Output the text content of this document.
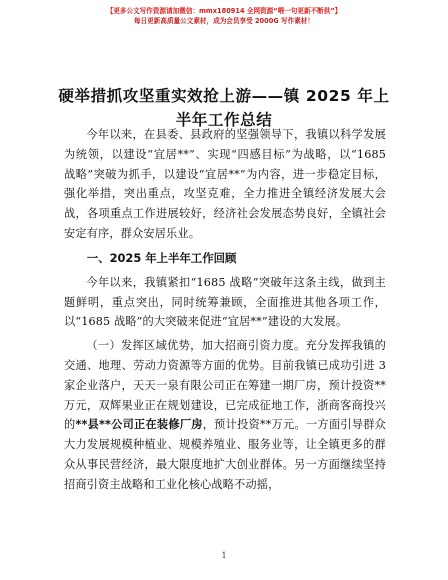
【更多公文写作资源请加微信：mmx180914 全网资源“喂一句更新不断供”】
每日更新高质量公文素材，成为会员享受 2000G 写作素材！
硬举措抓攻坚重实效抢上游——镇 2025 年上半年工作总结

今年以来，在县委、县政府的坚强领导下，我镇以科学发展为统领，以建设“宜居**”、实现“四感目标”为战略，以“1685 战略”突破为抓手，以建设“宜居**”为内容，进一步稳定目标，强化举措，突出重点，攻坚克难，全力推进全镇经济发展大会战，各项重点工作进展较好，经济社会发展态势良好，全镇社会安定有序，群众安居乐业。

一、2025 年上半年工作回顾

今年以来，我镇紧扣“1685 战略”突破年这条主线，做到主题鲜明，重点突出，同时统筹兼顾，全面推进其他各项工作，以“1685 战略”的大突破来促进“宜居**”建设的大发展。

（一）发挥区域优势，加大招商引资力度。充分发挥我镇的交通、地理、劳动力资源等方面的优势。目前我镇已成功引进 3 家企业落户，天天一泉有限公司正在筹建一期厂房，预计投资**万元，双辉果业正在规划建设，已完成征地工作，浙商客商投兴的**县**公司正在装修厂房，预计投资**万元。一方面引导群众大力发展规模种植业、规模养殖业、服务业等，让全镇更多的群众从事民营经济，最大限度地扩大创业群体。另一方面继续坚持招商引资主战略和工业化核心战略不动摇，

1
